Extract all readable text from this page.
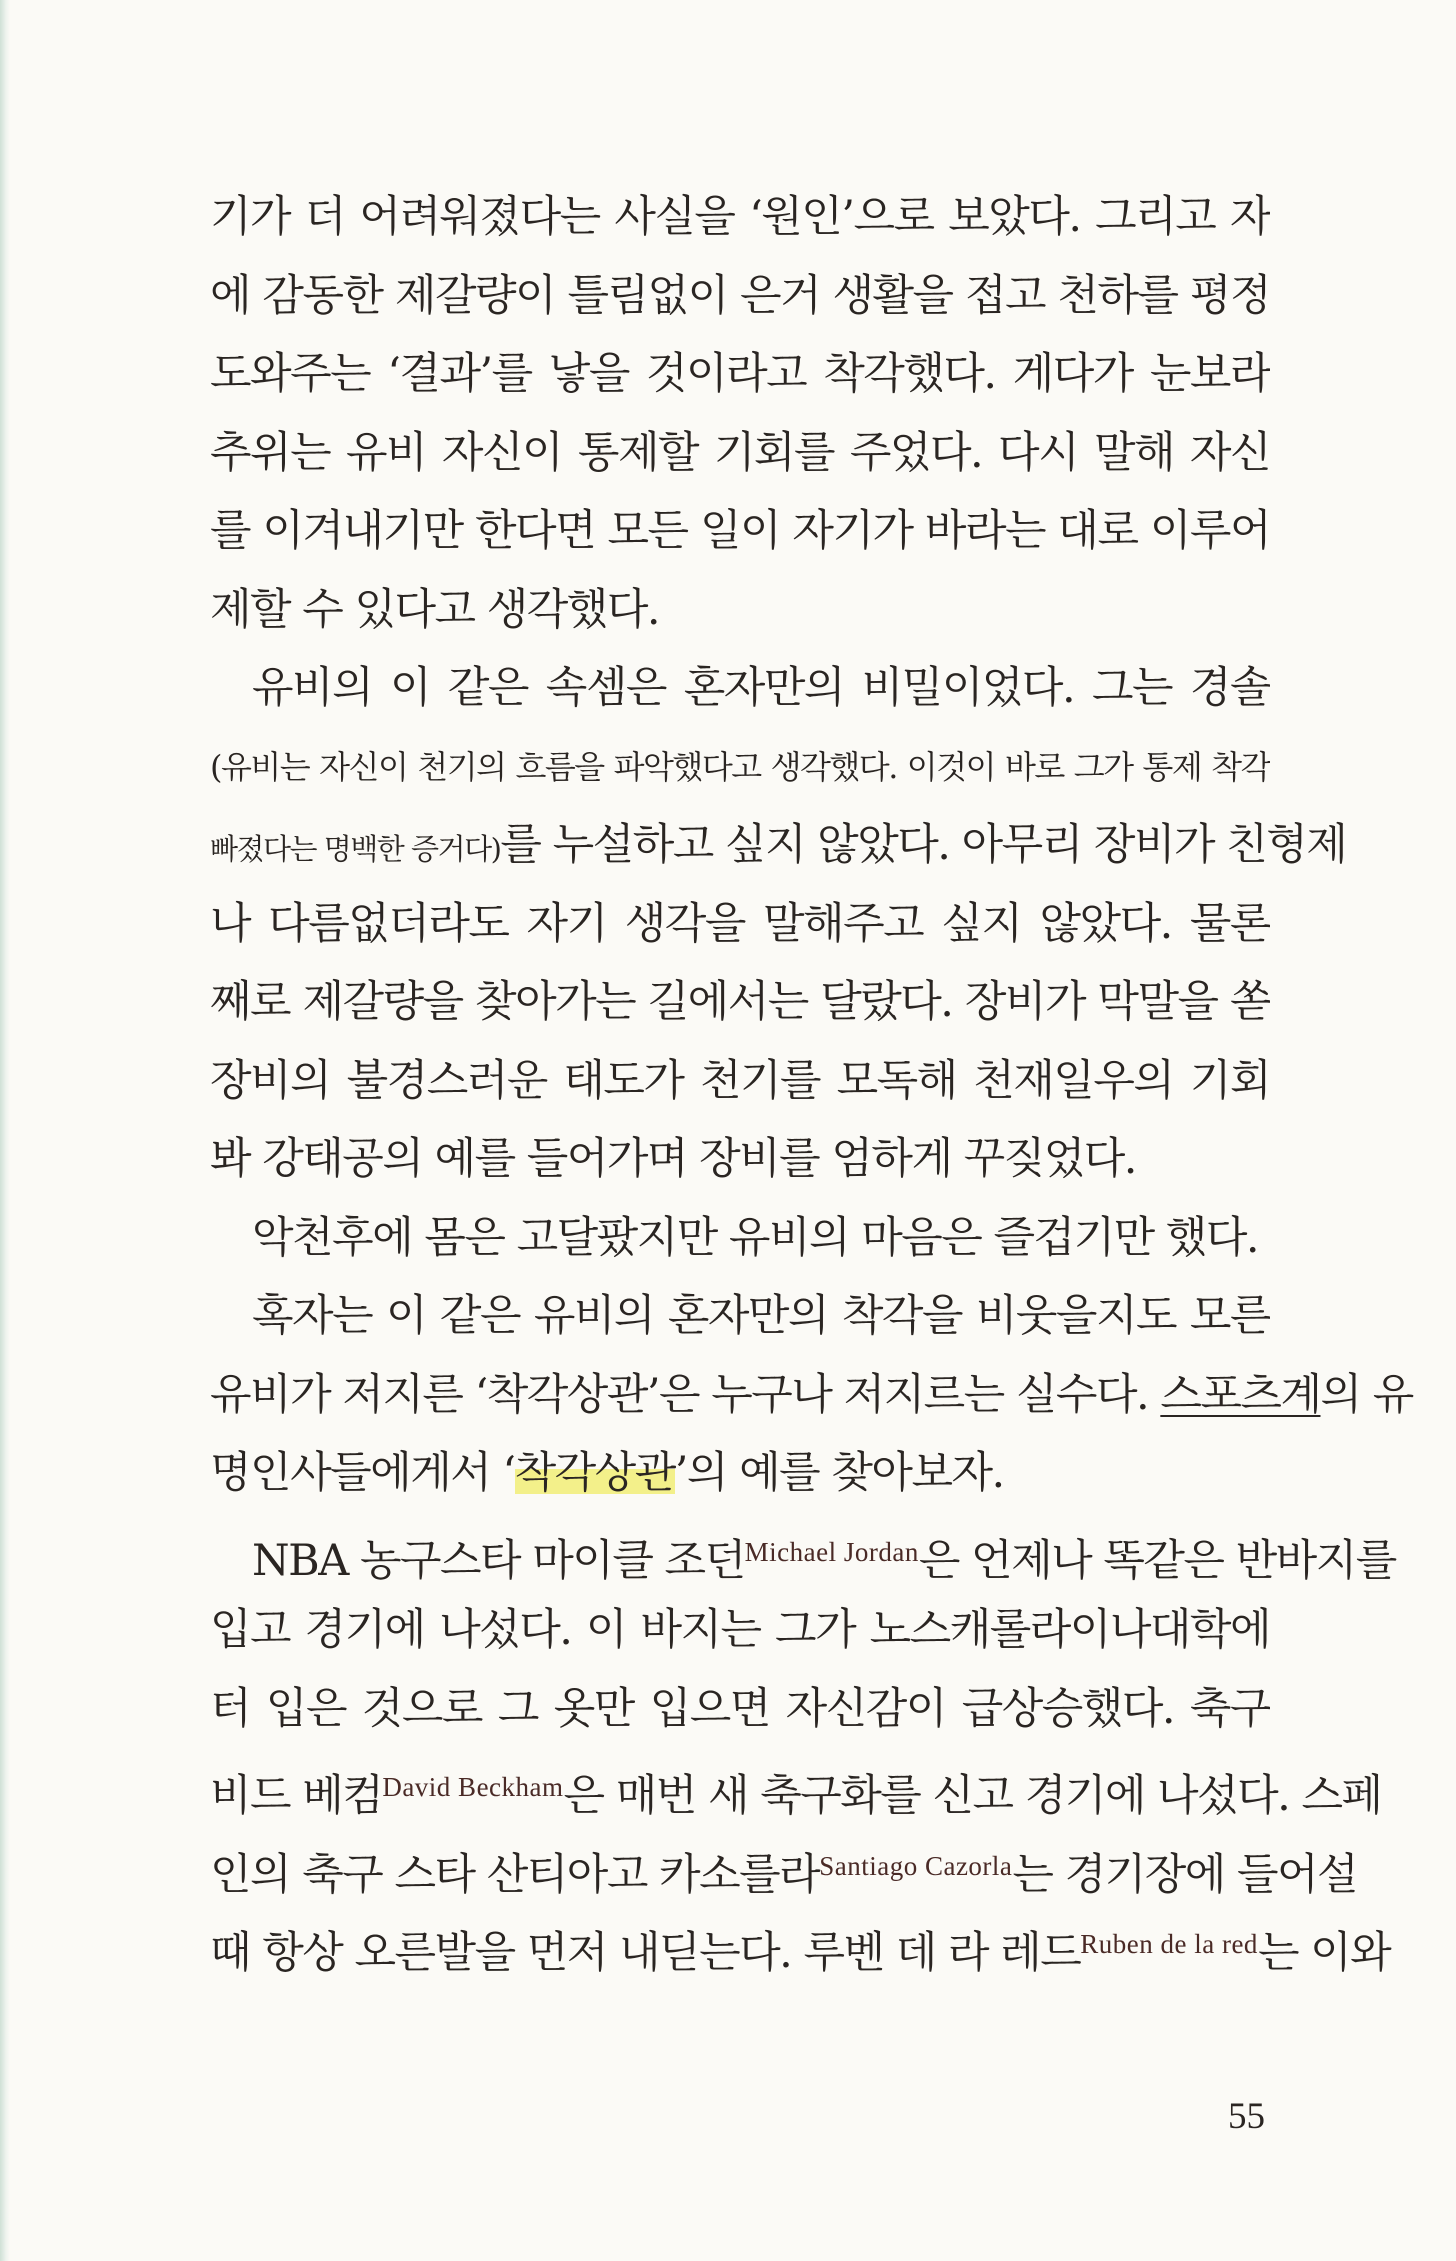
기가 더 어려워졌다는 사실을 ‘원인’으로 보았다. 그리고 자
에 감동한 제갈량이 틀림없이 은거 생활을 접고 천하를 평정
도와주는 ‘결과’를 낳을 것이라고 착각했다. 게다가 눈보라
추위는 유비 자신이 통제할 기회를 주었다. 다시 말해 자신
를 이겨내기만 한다면 모든 일이 자기가 바라는 대로 이루어
제할 수 있다고 생각했다.
유비의 이 같은 속셈은 혼자만의 비밀이었다. 그는 경솔
(유비는 자신이 천기의 흐름을 파악했다고 생각했다. 이것이 바로 그가 통제 착각
빠졌다는 명백한 증거다)를 누설하고 싶지 않았다. 아무리 장비가 친형제
나 다름없더라도 자기 생각을 말해주고 싶지 않았다. 물론
째로 제갈량을 찾아가는 길에서는 달랐다. 장비가 막말을 쏟
장비의 불경스러운 태도가 천기를 모독해 천재일우의 기회
봐 강태공의 예를 들어가며 장비를 엄하게 꾸짖었다.
악천후에 몸은 고달팠지만 유비의 마음은 즐겁기만 했다.
혹자는 이 같은 유비의 혼자만의 착각을 비웃을지도 모른
유비가 저지른 ‘착각상관’은 누구나 저지르는 실수다. 스포츠계의 유
명인사들에게서 ‘착각상관’의 예를 찾아보자.
NBA 농구스타 마이클 조던$^{Michael Jordan}$은 언제나 똑같은 반바지를
입고 경기에 나섰다. 이 바지는 그가 노스캐롤라이나대학에
터 입은 것으로 그 옷만 입으면 자신감이 급상승했다. 축구
비드 베컴$^{David Beckham}$은 매번 새 축구화를 신고 경기에 나섰다. 스페
인의 축구 스타 산티아고 카소를라$^{Santiago Cazorla}$는 경기장에 들어설
때 항상 오른발을 먼저 내딛는다. 루벤 데 라 레드$^{Ruben de la red}$는 이와
55
